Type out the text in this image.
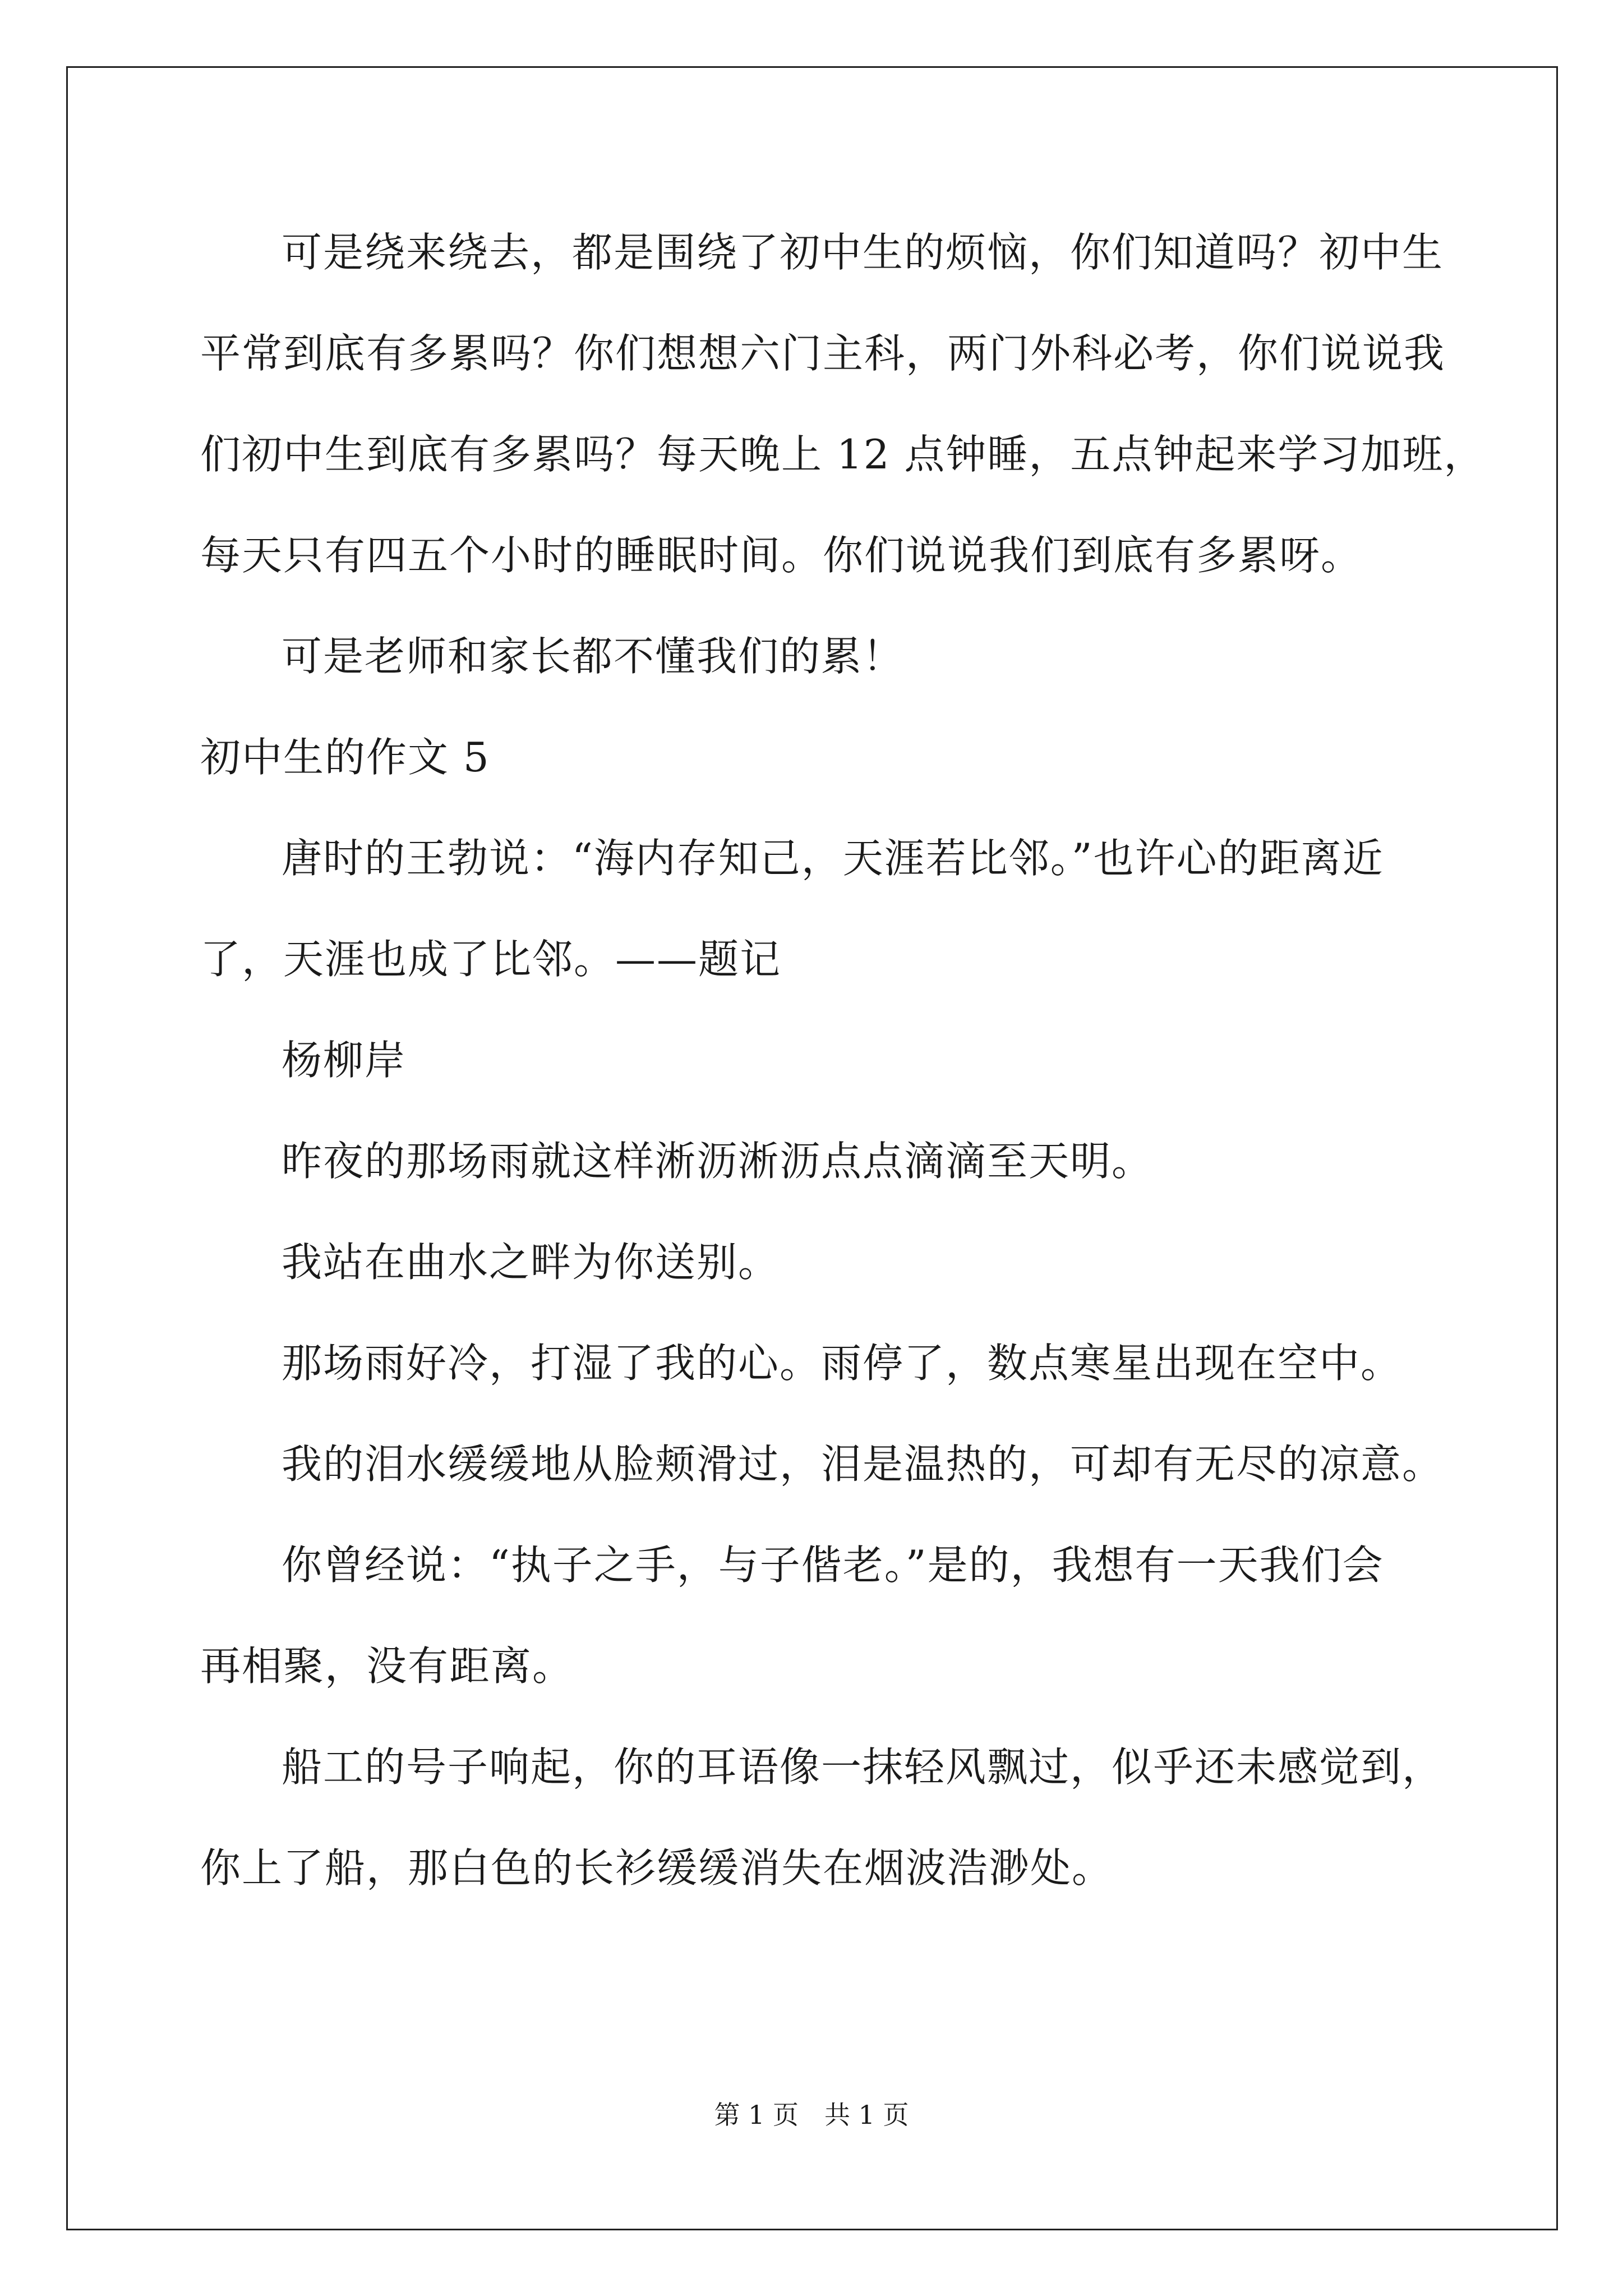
可是绕来绕去，都是围绕了初中生的烦恼，你们知道吗？初中生
平常到底有多累吗？你们想想六门主科，两门外科必考，你们说说我
们初中生到底有多累吗？每天晚上 12 点钟睡，五点钟起来学习加班，
每天只有四五个小时的睡眠时间。你们说说我们到底有多累呀。
可是老师和家长都不懂我们的累！
初中生的作文 5
唐时的王勃说：“海内存知己，天涯若比邻。”也许心的距离近
了，天涯也成了比邻。——题记
杨柳岸
昨夜的那场雨就这样淅沥淅沥点点滴滴至天明。
我站在曲水之畔为你送别。
那场雨好冷，打湿了我的心。雨停了，数点寒星出现在空中。
我的泪水缓缓地从脸颊滑过，泪是温热的，可却有无尽的凉意。
你曾经说：“执子之手，与子偕老。”是的，我想有一天我们会
再相聚，没有距离。
船工的号子响起，你的耳语像一抹轻风飘过，似乎还未感觉到，
你上了船，那白色的长衫缓缓消失在烟波浩渺处。
第 1 页 共 1 页
